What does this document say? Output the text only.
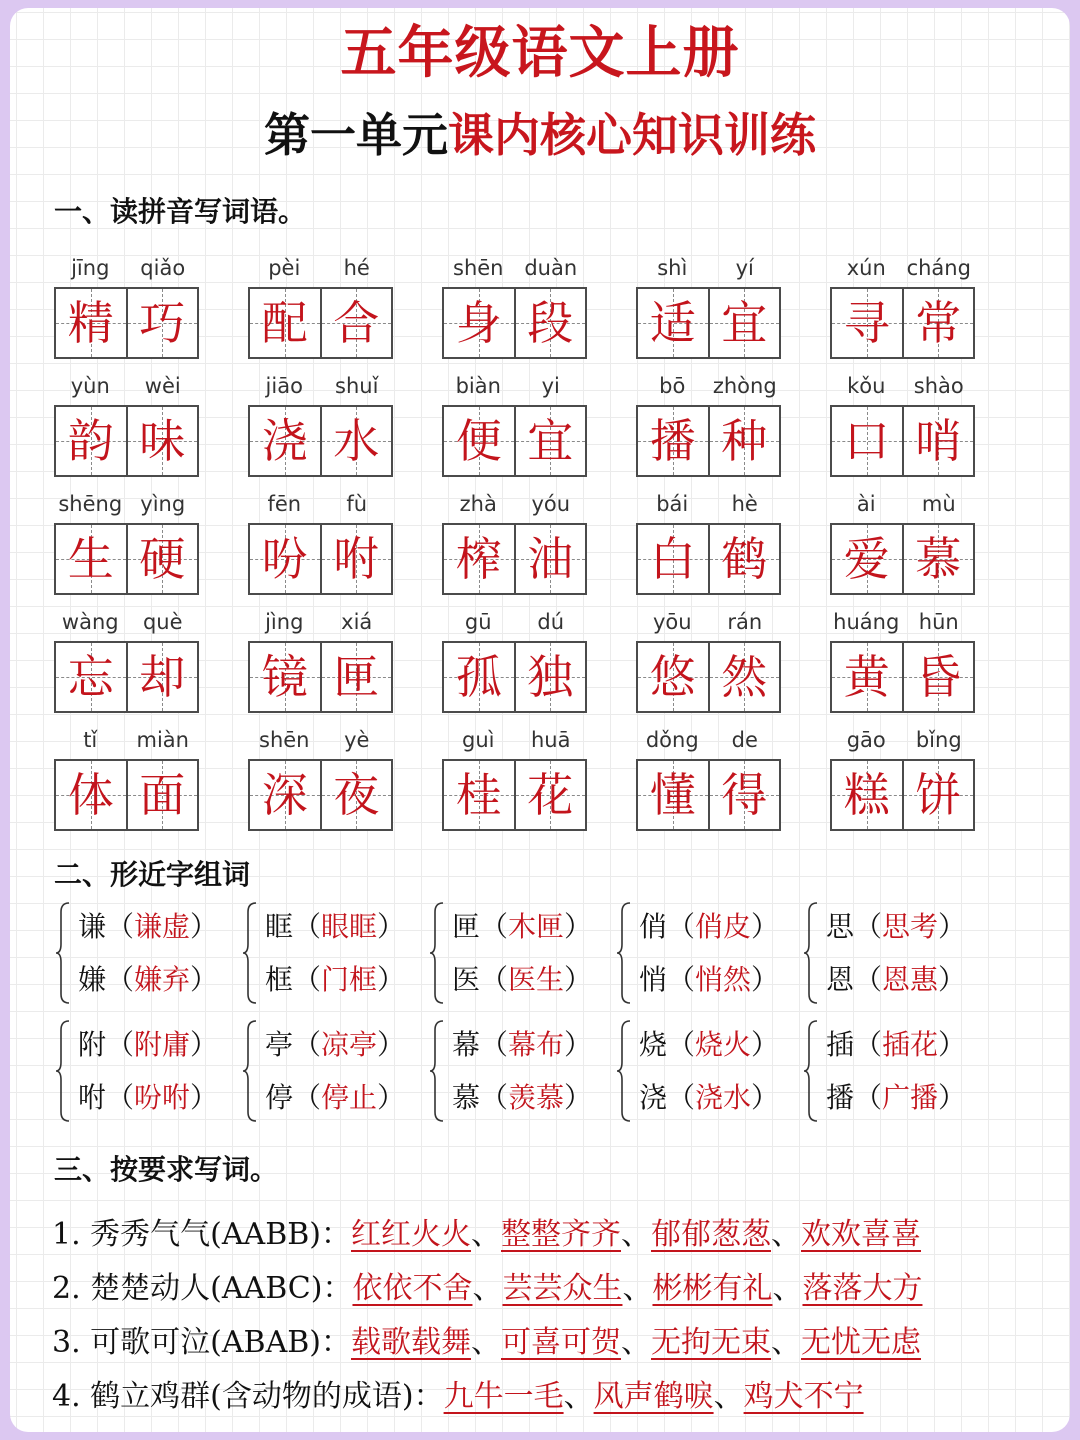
五年级语文上册
第一单元课内核心知识训练
一、读拼音写词语。
jīng	qiǎo
精 巧
pèi	hé
配 合
shēn duàn
身 段
shì	yí
适 宜
xún cháng
寻 常
yùn	wèi
韵 味
jiāo	shuǐ
浇 水
biàn	yi
便 宜
bō	zhòng
播 种
kǒu	shào
口 哨
shēng yìng
生 硬
fēn	fù
吩 咐
zhà	yóu
榨 油
bái	hè
白 鹤
ài	mù
爱 慕
wàng	què
忘 却
jìng	xiá
镜 匣
gū	dú
孤 独
yōu	rán
悠 然
huáng hūn
黄 昏
tǐ	miàn
体 面
shēn	yè
深 夜
guì	huā
桂 花
dǒng	de
懂 得
gāo	bǐng
糕 饼
二、形近字组词
谦（谦虚）
嫌（嫌弃）
眶（眼眶）
框（门框）
匣（木匣）
医（医生）
俏（俏皮）
悄（悄然）
思（思考）
恩（恩惠）
附（附庸）
咐（吩咐）
亭（凉亭）
停（停止）
幕（幕布）
慕（羡慕）
烧（烧火）
浇（浇水）
插（插花）
播（广播）
三、按要求写词。
1. 秀秀气气(AABB)：红红火火、整整齐齐、郁郁葱葱、欢欢喜喜
2. 楚楚动人(AABC)：依依不舍、芸芸众生、彬彬有礼、落落大方
3. 可歌可泣(ABAB)：载歌载舞、可喜可贺、无拘无束、无忧无虑
4. 鹤立鸡群(含动物的成语)：九牛一毛、风声鹤唳、鸡犬不宁
